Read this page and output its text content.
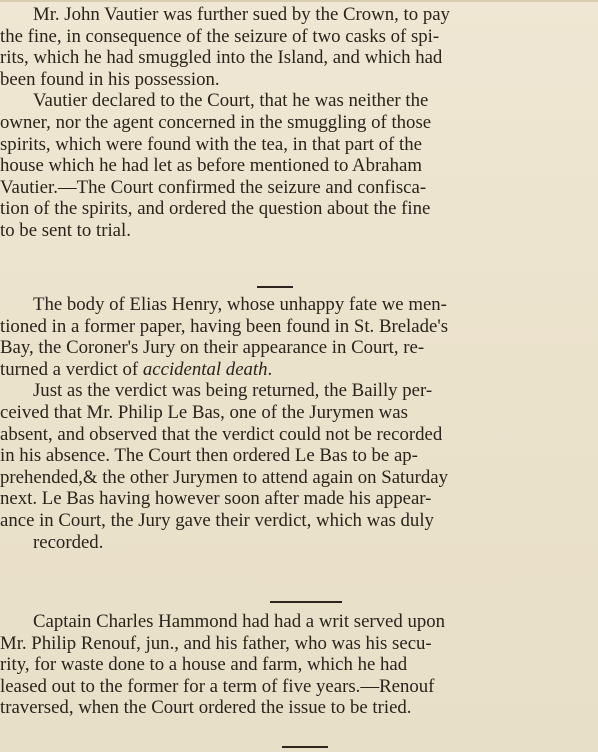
Mr. John Vautier was further sued by the Crown, to pay
the fine, in consequence of the seizure of two casks of spi-
rits, which he had smuggled into the Island, and which had
been found in his possession.
Vautier declared to the Court, that he was neither the
owner, nor the agent concerned in the smuggling of those
spirits, which were found with the tea, in that part of the
house which he had let as before mentioned to Abraham
Vautier.—The Court confirmed the seizure and confisca-
tion of the spirits, and ordered the question about the fine
to be sent to trial.
The body of Elias Henry, whose unhappy fate we men-
tioned in a former paper, having been found in St. Brelade's
Bay, the Coroner's Jury on their appearance in Court, re-
turned a verdict of accidental death.
Just as the verdict was being returned, the Bailly per-
ceived that Mr. Philip Le Bas, one of the Jurymen was
absent, and observed that the verdict could not be recorded
in his absence. The Court then ordered Le Bas to be ap-
prehended,& the other Jurymen to attend again on Saturday
next. Le Bas having however soon after made his appear-
ance in Court, the Jury gave their verdict, which was duly
recorded.
Captain Charles Hammond had had a writ served upon
Mr. Philip Renouf, jun., and his father, who was his secu-
rity, for waste done to a house and farm, which he had
leased out to the former for a term of five years.—Renouf
traversed, when the Court ordered the issue to be tried.
